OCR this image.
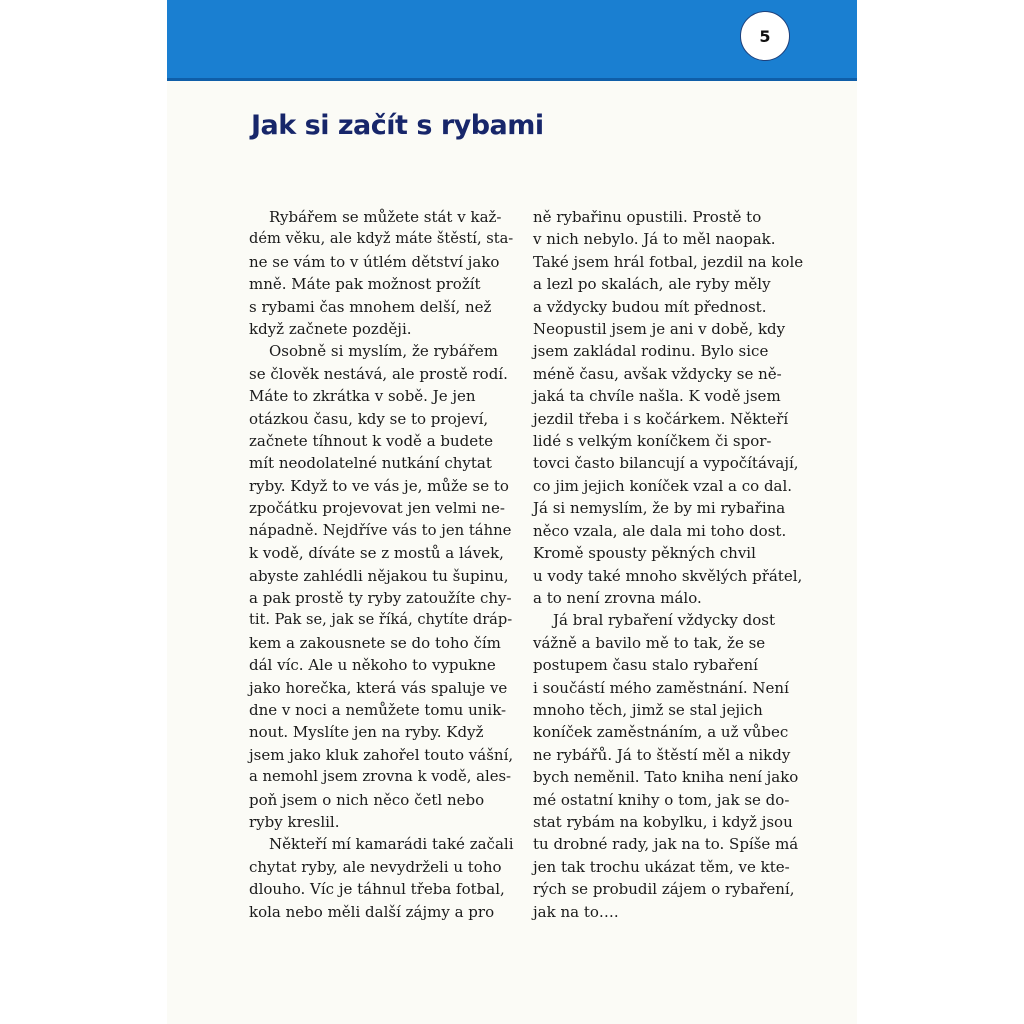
5
Jak si začít s rybami
Rybářem se můžete stát v kaž-
dém věku, ale když máte štěstí, sta-
ne se vám to v útlém dětství jako
mně. Máte pak možnost prožít
s rybami čas mnohem delší, než
když začnete později.
Osobně si myslím, že rybářem
se člověk nestává, ale prostě rodí.
Máte to zkrátka v sobě. Je jen
otázkou času, kdy se to projeví,
začnete tíhnout k vodě a budete
mít neodolatelné nutkání chytat
ryby. Když to ve vás je, může se to
zpočátku projevovat jen velmi ne-
nápadně. Nejdříve vás to jen táhne
k vodě, díváte se z mostů a lávek,
abyste zahlédli nějakou tu šupinu,
a pak prostě ty ryby zatoužíte chy-
tit. Pak se, jak se říká, chytíte dráp-
kem a zakousnete se do toho čím
dál víc. Ale u někoho to vypukne
jako horečka, která vás spaluje ve
dne v noci a nemůžete tomu unik-
nout. Myslíte jen na ryby. Když
jsem jako kluk zahořel touto vášní,
a nemohl jsem zrovna k vodě, ales-
poň jsem o nich něco četl nebo
ryby kreslil.
Někteří mí kamarádi také začali
chytat ryby, ale nevydrželi u toho
dlouho. Víc je táhnul třeba fotbal,
kola nebo měli další zájmy a pro
ně rybařinu opustili. Prostě to
v nich nebylo. Já to měl naopak.
Také jsem hrál fotbal, jezdil na kole
a lezl po skalách, ale ryby měly
a vždycky budou mít přednost.
Neopustil jsem je ani v době, kdy
jsem zakládal rodinu. Bylo sice
méně času, avšak vždycky se ně-
jaká ta chvíle našla. K vodě jsem
jezdil třeba i s kočárkem. Někteří
lidé s velkým koníčkem či spor-
tovci často bilancují a vypočítávají,
co jim jejich koníček vzal a co dal.
Já si nemyslím, že by mi rybařina
něco vzala, ale dala mi toho dost.
Kromě spousty pěkných chvil
u vody také mnoho skvělých přátel,
a to není zrovna málo.
Já bral rybaření vždycky dost
vážně a bavilo mě to tak, že se
postupem času stalo rybaření
i součástí mého zaměstnání. Není
mnoho těch, jimž se stal jejich
koníček zaměstnáním, a už vůbec
ne rybářů. Já to štěstí měl a nikdy
bych neměnil. Tato kniha není jako
mé ostatní knihy o tom, jak se do-
stat rybám na kobylku, i když jsou
tu drobné rady, jak na to. Spíše má
jen tak trochu ukázat těm, ve kte-
rých se probudil zájem o rybaření,
jak na to….
